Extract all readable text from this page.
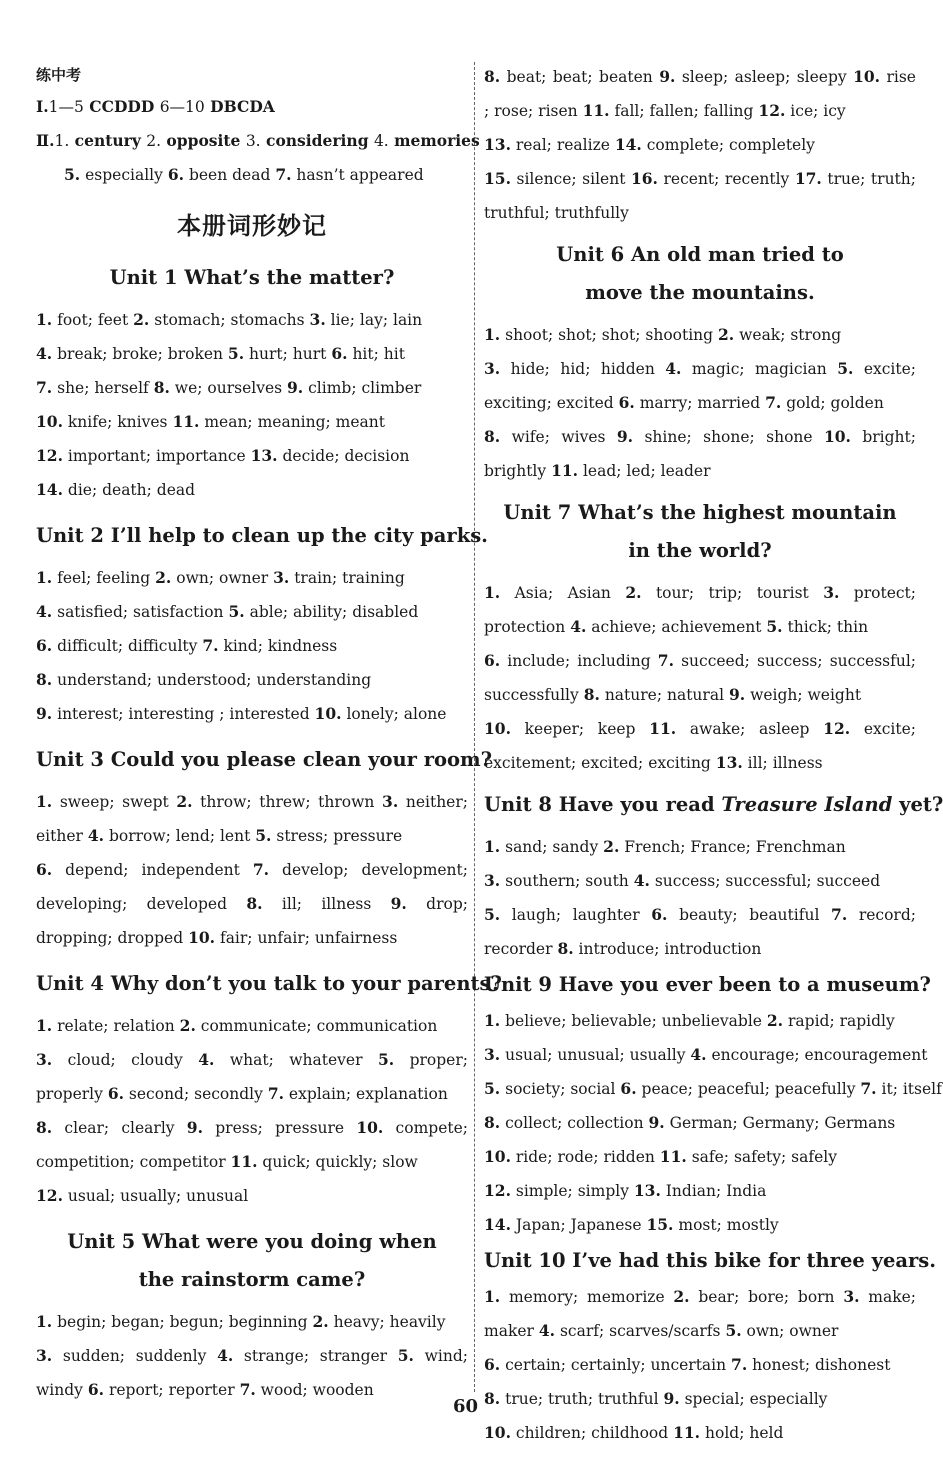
练中考
Ⅰ.1—5 CCDDD 6—10 DBCDA
Ⅱ.1. century 2. opposite 3. considering 4. memories
5. especially 6. been dead 7. hasn’t appeared
本册词形妙记
Unit 1 What’s the matter?
1. foot; feet 2. stomach; stomachs 3. lie; lay; lain
4. break; broke; broken 5. hurt; hurt 6. hit; hit
7. she; herself 8. we; ourselves 9. climb; climber
10. knife; knives 11. mean; meaning; meant
12. important; importance 13. decide; decision
14. die; death; dead
Unit 2 I’ll help to clean up the city parks.
1. feel; feeling 2. own; owner 3. train; training
4. satisfied; satisfaction 5. able; ability; disabled
6. difficult; difficulty 7. kind; kindness
8. understand; understood; understanding
9. interest; interesting ; interested 10. lonely; alone
Unit 3 Could you please clean your room?
1. sweep; swept 2. throw; threw; thrown 3. neither;
either 4. borrow; lend; lent 5. stress; pressure
6. depend; independent 7. develop; development;
developing; developed 8. ill; illness 9. drop;
dropping; dropped 10. fair; unfair; unfairness
Unit 4 Why don’t you talk to your parents?
1. relate; relation 2. communicate; communication
3. cloud; cloudy 4. what; whatever 5. proper;
properly 6. second; secondly 7. explain; explanation
8. clear; clearly 9. press; pressure 10. compete;
competition; competitor 11. quick; quickly; slow
12. usual; usually; unusual
Unit 5 What were you doing when
the rainstorm came?
1. begin; began; begun; beginning 2. heavy; heavily
3. sudden; suddenly 4. strange; stranger 5. wind;
windy 6. report; reporter 7. wood; wooden
8. beat; beat; beaten 9. sleep; asleep; sleepy 10. rise
; rose; risen 11. fall; fallen; falling 12. ice; icy
13. real; realize 14. complete; completely
15. silence; silent 16. recent; recently 17. true; truth;
truthful; truthfully
Unit 6 An old man tried to
move the mountains.
1. shoot; shot; shot; shooting 2. weak; strong
3. hide; hid; hidden 4. magic; magician 5. excite;
exciting; excited 6. marry; married 7. gold; golden
8. wife; wives 9. shine; shone; shone 10. bright;
brightly 11. lead; led; leader
Unit 7 What’s the highest mountain
in the world?
1. Asia; Asian 2. tour; trip; tourist 3. protect;
protection 4. achieve; achievement 5. thick; thin
6. include; including 7. succeed; success; successful;
successfully 8. nature; natural 9. weigh; weight
10. keeper; keep 11. awake; asleep 12. excite;
excitement; excited; exciting 13. ill; illness
Unit 8 Have you read Treasure Island yet?
1. sand; sandy 2. French; France; Frenchman
3. southern; south 4. success; successful; succeed
5. laugh; laughter 6. beauty; beautiful 7. record;
recorder 8. introduce; introduction
Unit 9 Have you ever been to a museum?
1. believe; believable; unbelievable 2. rapid; rapidly
3. usual; unusual; usually 4. encourage; encouragement
5. society; social 6. peace; peaceful; peacefully 7. it; itself
8. collect; collection 9. German; Germany; Germans
10. ride; rode; ridden 11. safe; safety; safely
12. simple; simply 13. Indian; India
14. Japan; Japanese 15. most; mostly
Unit 10 I’ve had this bike for three years.
1. memory; memorize 2. bear; bore; born 3. make;
maker 4. scarf; scarves/scarfs 5. own; owner
6. certain; certainly; uncertain 7. honest; dishonest
8. true; truth; truthful 9. special; especially
10. children; childhood 11. hold; held
60
